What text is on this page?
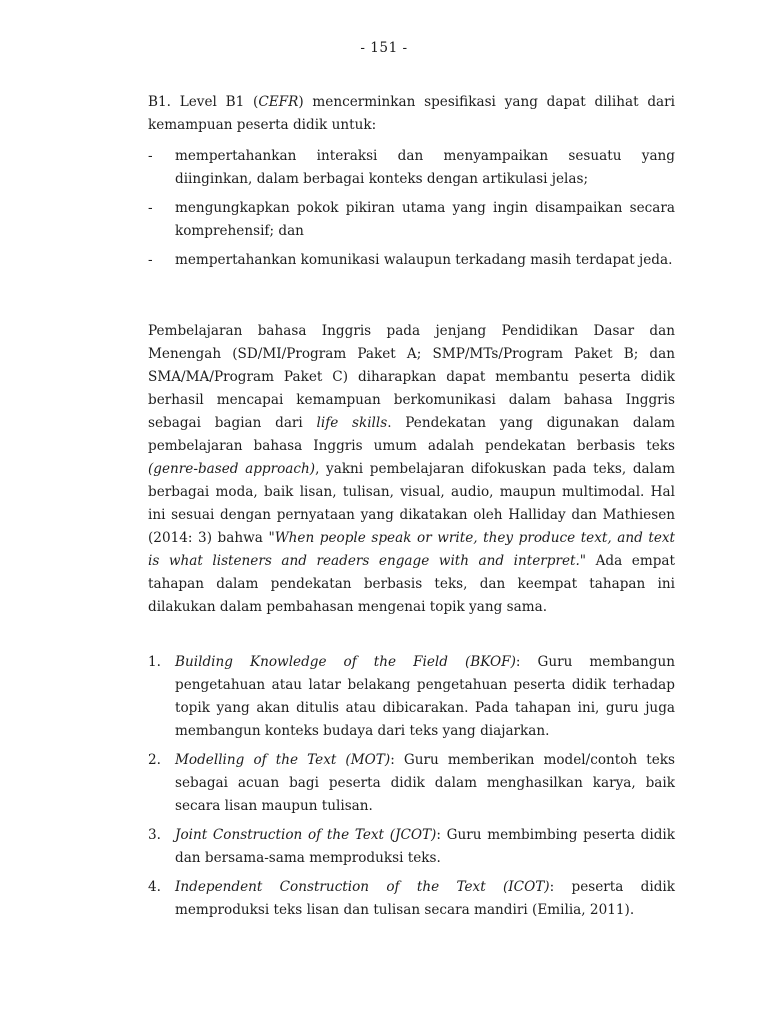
- 151 -
B1. Level B1 (CEFR) mencerminkan spesifikasi yang dapat dilihat dari kemampuan peserta didik untuk:
- mempertahankan interaksi dan menyampaikan sesuatu yang diinginkan, dalam berbagai konteks dengan artikulasi jelas;
- mengungkapkan pokok pikiran utama yang ingin disampaikan secara komprehensif; dan
- mempertahankan komunikasi walaupun terkadang masih terdapat jeda.
Pembelajaran bahasa Inggris pada jenjang Pendidikan Dasar dan Menengah (SD/MI/Program Paket A; SMP/MTs/Program Paket B; dan SMA/MA/Program Paket C) diharapkan dapat membantu peserta didik berhasil mencapai kemampuan berkomunikasi dalam bahasa Inggris sebagai bagian dari life skills. Pendekatan yang digunakan dalam pembelajaran bahasa Inggris umum adalah pendekatan berbasis teks (genre-based approach), yakni pembelajaran difokuskan pada teks, dalam berbagai moda, baik lisan, tulisan, visual, audio, maupun multimodal. Hal ini sesuai dengan pernyataan yang dikatakan oleh Halliday dan Mathiesen (2014: 3) bahwa "When people speak or write, they produce text, and text is what listeners and readers engage with and interpret." Ada empat tahapan dalam pendekatan berbasis teks, dan keempat tahapan ini dilakukan dalam pembahasan mengenai topik yang sama.
1. Building Knowledge of the Field (BKOF): Guru membangun pengetahuan atau latar belakang pengetahuan peserta didik terhadap topik yang akan ditulis atau dibicarakan. Pada tahapan ini, guru juga membangun konteks budaya dari teks yang diajarkan.
2. Modelling of the Text (MOT): Guru memberikan model/contoh teks sebagai acuan bagi peserta didik dalam menghasilkan karya, baik secara lisan maupun tulisan.
3. Joint Construction of the Text (JCOT): Guru membimbing peserta didik dan bersama-sama memproduksi teks.
4. Independent Construction of the Text (ICOT): peserta didik memproduksi teks lisan dan tulisan secara mandiri (Emilia, 2011).
